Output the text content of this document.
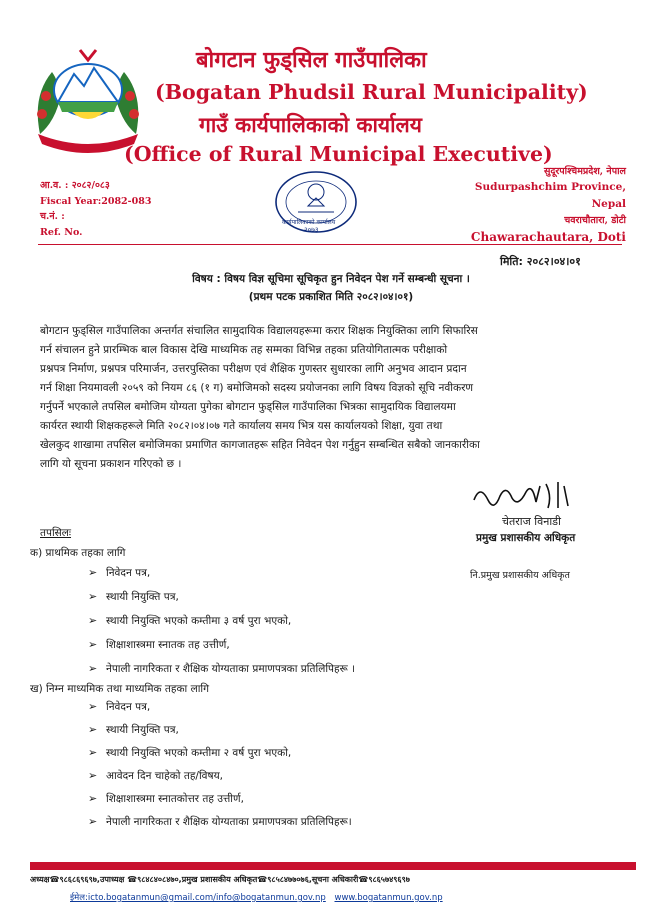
बोगटान फुड्सिल गाउँपालिका
(Bogatan Phudsil Rural Municipality)
गाउँ कार्यपालिकाको कार्यालय
(Office of Rural Municipal Executive)
आ.व. : २०८२/०८३
Fiscal Year:2082-083
च.नं. :
Ref. No.
कार्यपालिकाको कार्यालय
२०७३
सुदूरपश्चिमप्रदेश, नेपाल
Sudurpashchim Province, Nepal
चवराचौतारा, डोटी
Chawarachautara, Doti
मिति: २०८२।०४।०१
विषय : विषय विज्ञ सूचिमा सूचिकृत हुन निवेदन पेश गर्ने सम्बन्धी सूचना ।
(प्रथम पटक प्रकाशित मिति २०८२।०४।०१)
बोगटान फुड्सिल गाउँपालिका अन्तर्गत संचालित सामुदायिक विद्यालयहरूमा करार शिक्षक नियुक्तिका लागि सिफारिस
गर्न संचालन हुने प्रारम्भिक बाल विकास देखि माध्यमिक तह सम्मका विभिन्न तहका प्रतियोगितात्मक परीक्षाको
प्रश्नपत्र निर्माण, प्रश्नपत्र परिमार्जन, उत्तरपुस्तिका परीक्षण एवं शैक्षिक गुणस्तर सुधारका लागि अनुभव आदान प्रदान
गर्न शिक्षा नियमावली २०५९ को नियम ८६ (१ ग) बमोजिमको सदस्य प्रयोजनका लागि विषय विज्ञको सूचि नवीकरण
गर्नुपर्ने भएकाले तपसिल बमोजिम योग्यता पुगेका बोगटान फुड्सिल गाउँपालिका भित्रका सामुदायिक विद्यालयमा
कार्यरत स्थायी शिक्षकहरूले मिति २०८२।०४।०७ गते कार्यालय समय भित्र यस कार्यालयको शिक्षा, युवा तथा
खेलकुद शाखामा तपसिल बमोजिमका प्रमाणित कागजातहरू सहित निवेदन पेश गर्नुहुन सम्बन्धित सबैको जानकारीका
लागि यो सूचना प्रकाशन गरिएको छ ।
चेतराज विनाडी
प्रमुख प्रशासकीय अधिकृत
नि.प्रमुख प्रशासकीय अधिकृत
तपसिलः
क) प्राथमिक तहका लागि
➢ निवेदन पत्र,
➢ स्थायी नियुक्ति पत्र,
➢ स्थायी नियुक्ति भएको कम्तीमा ३ वर्ष पुरा भएको,
➢ शिक्षाशास्त्रमा स्नातक तह उत्तीर्ण,
➢ नेपाली नागरिकता र शैक्षिक योग्यताका प्रमाणपत्रका प्रतिलिपिहरू ।
ख) निम्न माध्यमिक तथा माध्यमिक तहका लागि
➢ निवेदन पत्र,
➢ स्थायी नियुक्ति पत्र,
➢ स्थायी नियुक्ति भएको कम्तीमा २ वर्ष पुरा भएको,
➢ आवेदन दिन चाहेको तह/विषय,
➢ शिक्षाशास्त्रमा स्नातकोत्तर तह उत्तीर्ण,
➢ नेपाली नागरिकता र शैक्षिक योग्यताका प्रमाणपत्रका प्रतिलिपिहरू।
अध्यक्ष☎९८६८६९६९७,उपाध्यक्ष ☎९८४८४०८४७०,प्रमुख प्रशासकीय अधिकृत☎९८५८४७७०७६,सूचना अधिकारी☎९८६५७४९६९७
ईमेल:icto.bogatanmun@gmail.com/info@bogatanmun.gov.np www.bogatanmun.gov.np
